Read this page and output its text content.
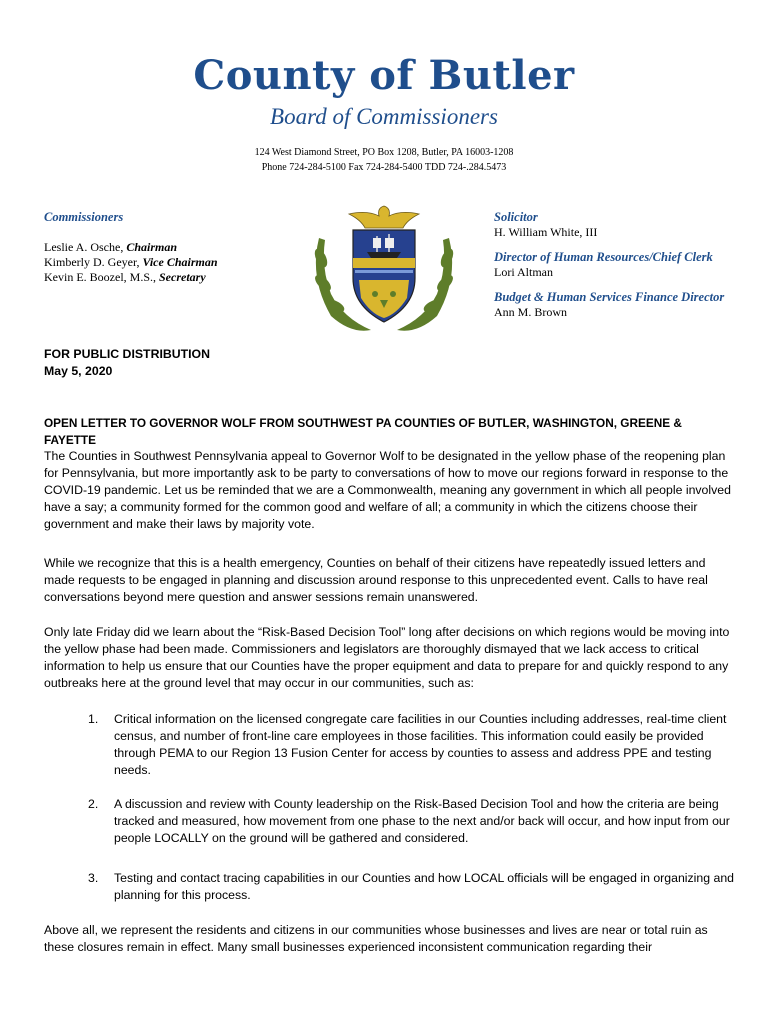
County of Butler
Board of Commissioners
124 West Diamond Street, PO Box 1208, Butler, PA 16003-1208
Phone 724-284-5100 Fax 724-284-5400 TDD 724-.284.5473
Commissioners
Leslie A. Osche, Chairman
Kimberly D. Geyer, Vice Chairman
Kevin E. Boozel, M.S., Secretary
Solicitor
H. William White, III
Director of Human Resources/Chief Clerk
Lori Altman
Budget & Human Services Finance Director
Ann M. Brown
FOR PUBLIC DISTRIBUTION
May 5, 2020
OPEN LETTER TO GOVERNOR WOLF FROM SOUTHWEST PA COUNTIES OF BUTLER, WASHINGTON, GREENE & FAYETTE
The Counties in Southwest Pennsylvania appeal to Governor Wolf to be designated in the yellow phase of the reopening plan for Pennsylvania, but more importantly ask to be party to conversations of how to move our regions forward in response to the COVID-19 pandemic. Let us be reminded that we are a Commonwealth, meaning any government in which all people involved have a say; a community formed for the common good and welfare of all; a community in which the citizens choose their government and make their laws by majority vote.
While we recognize that this is a health emergency, Counties on behalf of their citizens have repeatedly issued letters and made requests to be engaged in planning and discussion around response to this unprecedented event. Calls to have real conversations beyond mere question and answer sessions remain unanswered.
Only late Friday did we learn about the “Risk-Based Decision Tool” long after decisions on which regions would be moving into the yellow phase had been made. Commissioners and legislators are thoroughly dismayed that we lack access to critical information to help us ensure that our Counties have the proper equipment and data to prepare for and quickly respond to any outbreaks here at the ground level that may occur in our communities, such as:
1. Critical information on the licensed congregate care facilities in our Counties including addresses, real-time client census, and number of front-line care employees in those facilities. This information could easily be provided through PEMA to our Region 13 Fusion Center for access by counties to assess and address PPE and testing needs.
2. A discussion and review with County leadership on the Risk-Based Decision Tool and how the criteria are being tracked and measured, how movement from one phase to the next and/or back will occur, and how input from our people LOCALLY on the ground will be gathered and considered.
3. Testing and contact tracing capabilities in our Counties and how LOCAL officials will be engaged in organizing and planning for this process.
Above all, we represent the residents and citizens in our communities whose businesses and lives are near or total ruin as these closures remain in effect. Many small businesses experienced inconsistent communication regarding their
